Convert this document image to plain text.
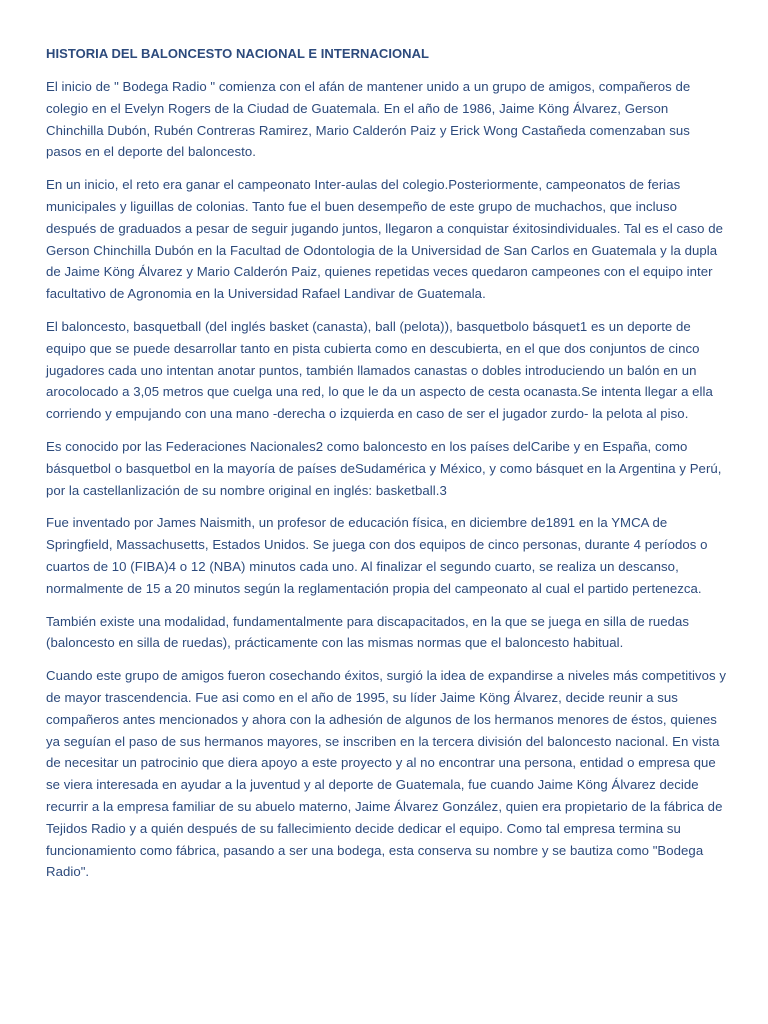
HISTORIA DEL BALONCESTO NACIONAL E INTERNACIONAL

El inicio de " Bodega Radio " comienza con el afán de mantener unido a un grupo de amigos, compañeros de colegio en el Evelyn Rogers de la Ciudad de Guatemala. En el año de 1986, Jaime Köng Álvarez, Gerson Chinchilla Dubón, Rubén Contreras Ramirez, Mario Calderón Paiz y Erick Wong Castañeda comenzaban sus pasos en el deporte del baloncesto.

En un inicio, el reto era ganar el campeonato Inter-aulas del colegio.Posteriormente, campeonatos de ferias municipales y liguillas de colonias. Tanto fue el buen desempeño de este grupo de muchachos, que incluso después de graduados a pesar de seguir jugando juntos, llegaron a conquistar éxitosindividuales. Tal es el caso de Gerson Chinchilla Dubón en la Facultad de Odontologia de la Universidad de San Carlos en Guatemala y la dupla de Jaime Köng Álvarez y Mario Calderón Paiz, quienes repetidas veces quedaron campeones con el equipo inter facultativo de Agronomia en la Universidad Rafael Landivar de Guatemala.

El baloncesto, basquetball (del inglés basket (canasta), ball (pelota)), basquetbolo básquet1 es un deporte de equipo que se puede desarrollar tanto en pista cubierta como en descubierta, en el que dos conjuntos de cinco jugadores cada uno intentan anotar puntos, también llamados canastas o dobles introduciendo un balón en un arocolocado a 3,05 metros que cuelga una red, lo que le da un aspecto de cesta ocanasta.Se intenta llegar a ella corriendo y empujando con una mano -derecha o izquierda en caso de ser el jugador zurdo- la pelota al piso.

Es conocido por las Federaciones Nacionales2 como baloncesto en los países delCaribe y en España, como básquetbol o basquetbol en la mayoría de países deSudamérica y México, y como básquet en la Argentina y Perú, por la castellanlización de su nombre original en inglés: basketball.3

Fue inventado por James Naismith, un profesor de educación física, en diciembre de1891 en la YMCA de Springfield, Massachusetts, Estados Unidos. Se juega con dos equipos de cinco personas, durante 4 períodos o cuartos de 10 (FIBA)4 o 12 (NBA) minutos cada uno. Al finalizar el segundo cuarto, se realiza un descanso, normalmente de 15 a 20 minutos según la reglamentación propia del campeonato al cual el partido pertenezca.

También existe una modalidad, fundamentalmente para discapacitados, en la que se juega en silla de ruedas (baloncesto en silla de ruedas), prácticamente con las mismas normas que el baloncesto habitual.

Cuando este grupo de amigos fueron cosechando éxitos, surgió la idea de expandirse a niveles más competitivos y de mayor trascendencia. Fue asi como en el año de 1995, su líder Jaime Köng Álvarez, decide reunir a sus compañeros antes mencionados y ahora con la adhesión de algunos de los hermanos menores de éstos, quienes ya seguían el paso de sus hermanos mayores, se inscriben en la tercera división del baloncesto nacional. En vista de necesitar un patrocinio que diera apoyo a este proyecto y al no encontrar una persona, entidad o empresa que se viera interesada en ayudar a la juventud y al deporte de Guatemala, fue cuando Jaime Köng Álvarez decide recurrir a la empresa familiar de su abuelo materno, Jaime Álvarez González, quien era propietario de la fábrica de Tejidos Radio y a quién después de su fallecimiento decide dedicar el equipo. Como tal empresa termina su funcionamiento como fábrica, pasando a ser una bodega, esta conserva su nombre y se bautiza como "Bodega Radio".
